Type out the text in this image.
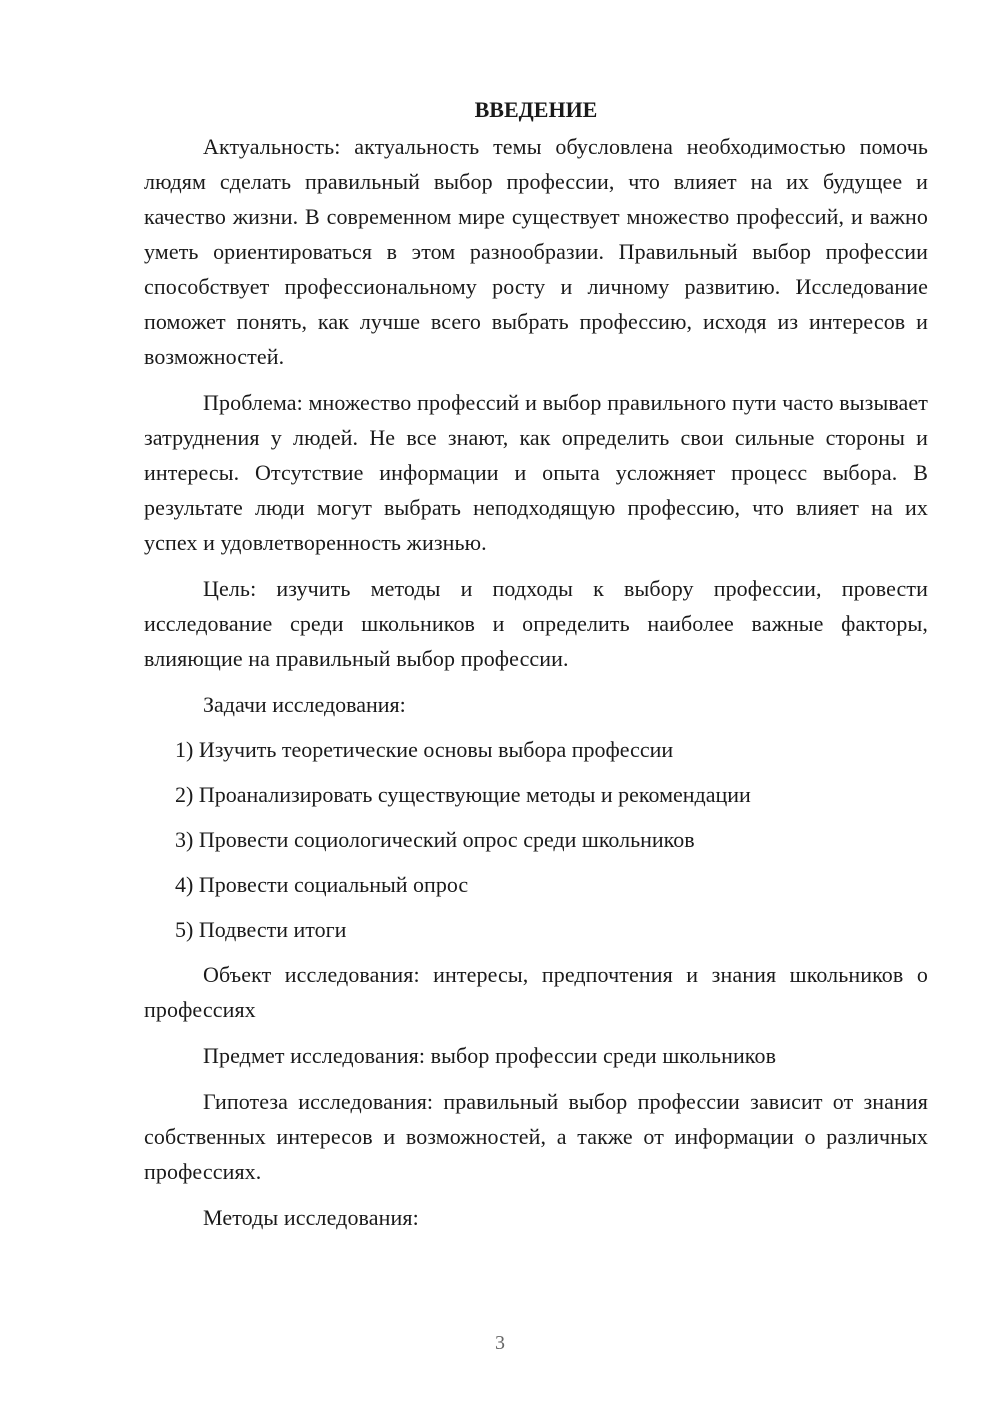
ВВЕДЕНИЕ

Актуальность: актуальность темы обусловлена необходимостью помочь людям сделать правильный выбор профессии, что влияет на их будущее и качество жизни. В современном мире существует множество профессий, и важно уметь ориентироваться в этом разнообразии. Правильный выбор профессии способствует профессиональному росту и личному развитию. Исследование поможет понять, как лучше всего выбрать профессию, исходя из интересов и возможностей.

Проблема: множество профессий и выбор правильного пути часто вызывает затруднения у людей. Не все знают, как определить свои сильные стороны и интересы. Отсутствие информации и опыта усложняет процесс выбора. В результате люди могут выбрать неподходящую профессию, что влияет на их успех и удовлетворенность жизнью.

Цель: изучить методы и подходы к выбору профессии, провести исследование среди школьников и определить наиболее важные факторы, влияющие на правильный выбор профессии.

Задачи исследования:

1) Изучить теоретические основы выбора профессии
2) Проанализировать существующие методы и рекомендации
3) Провести социологический опрос среди школьников
4) Провести социальный опрос
5) Подвести итоги

Объект исследования: интересы, предпочтения и знания школьников о профессиях

Предмет исследования: выбор профессии среди школьников

Гипотеза исследования: правильный выбор профессии зависит от знания собственных интересов и возможностей, а также от информации о различных профессиях.

Методы исследования:

3
